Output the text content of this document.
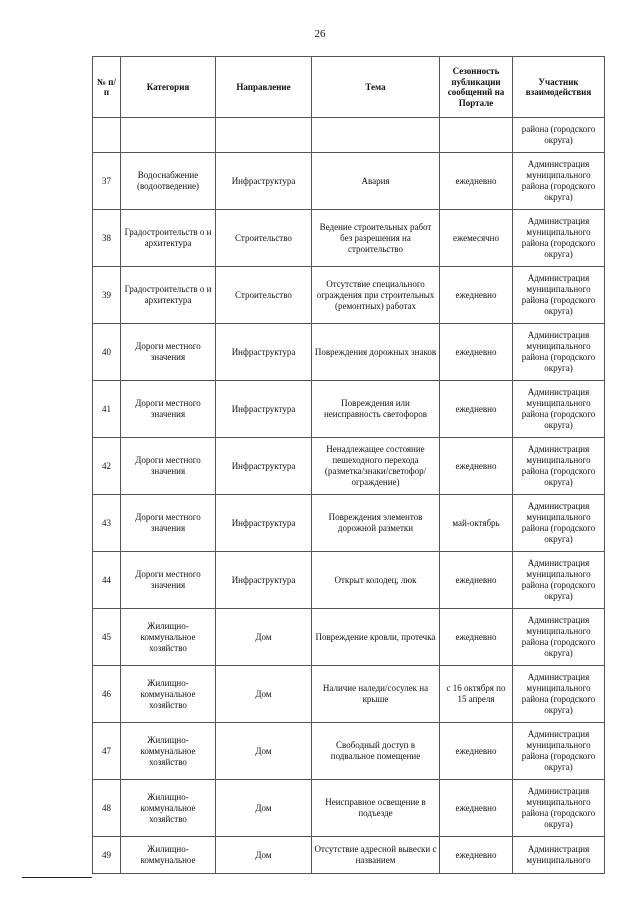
26
№ п/п	Категория	Направление	Тема	Сезонность публикации сообщений на Портале	Участник взаимодействия
					района (городского округа)
37	Водоснабжение (водоотведение)	Инфраструктура	Авария	ежедневно	Администрация муниципального района (городского округа)
38	Градостроительств о и архитектура	Строительство	Ведение строительных работ без разрешения на строительство	ежемесячно	Администрация муниципального района (городского округа)
39	Градостроительств о и архитектура	Строительство	Отсутствие специального ограждения при строительных (ремонтных) работах	ежедневно	Администрация муниципального района (городского округа)
40	Дороги местного значения	Инфраструктура	Повреждения дорожных знаков	ежедневно	Администрация муниципального района (городского округа)
41	Дороги местного значения	Инфраструктура	Повреждения или неисправность светофоров	ежедневно	Администрация муниципального района (городского округа)
42	Дороги местного значения	Инфраструктура	Ненадлежащее состояние пешеходного перехода (разметка/знаки/светофор/ограждение)	ежедневно	Администрация муниципального района (городского округа)
43	Дороги местного значения	Инфраструктура	Повреждения элементов дорожной разметки	май-октябрь	Администрация муниципального района (городского округа)
44	Дороги местного значения	Инфраструктура	Открыт колодец, люк	ежедневно	Администрация муниципального района (городского округа)
45	Жилищно-коммунальное хозяйство	Дом	Повреждение кровли, протечка	ежедневно	Администрация муниципального района (городского округа)
46	Жилищно-коммунальное хозяйство	Дом	Наличие наледи/сосулек на крыше	с 16 октября по 15 апреля	Администрация муниципального района (городского округа)
47	Жилищно-коммунальное хозяйство	Дом	Свободный доступ в подвальное помещение	ежедневно	Администрация муниципального района (городского округа)
48	Жилищно-коммунальное хозяйство	Дом	Неисправное освещение в подъезде	ежедневно	Администрация муниципального района (городского округа)
49	Жилищно-коммунальное	Дом	Отсутствие адресной вывески с названием	ежедневно	Администрация муниципального
